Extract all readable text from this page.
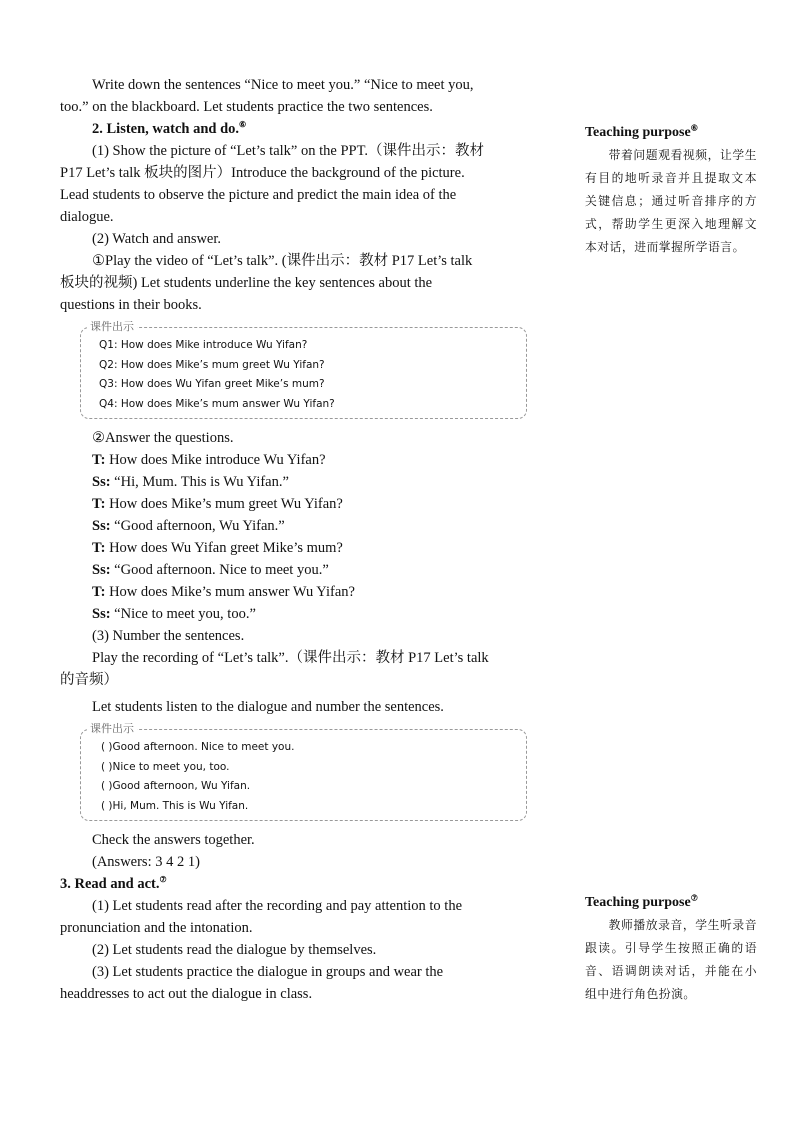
Write down the sentences “Nice to meet you.” “Nice to meet you,
too.” on the blackboard. Let students practice the two sentences.
2. Listen, watch and do.⑥
(1) Show the picture of “Let’s talk” on the PPT.（课件出示：教材
P17 Let’s talk 板块的图片）Introduce the background of the picture.
Lead students to observe the picture and predict the main idea of the
dialogue.
(2) Watch and answer.
①Play the video of “Let’s talk”. (课件出示：教材 P17 Let’s talk
板块的视频) Let students underline the key sentences about the
questions in their books.
课件出示
Q1: How does Mike introduce Wu Yifan?
Q2: How does Mike’s mum greet Wu Yifan?
Q3: How does Wu Yifan greet Mike’s mum?
Q4: How does Mike’s mum answer Wu Yifan?
②Answer the questions.
T: How does Mike introduce Wu Yifan?
Ss: “Hi, Mum. This is Wu Yifan.”
T: How does Mike’s mum greet Wu Yifan?
Ss: “Good afternoon, Wu Yifan.”
T: How does Wu Yifan greet Mike’s mum?
Ss: “Good afternoon. Nice to meet you.”
T: How does Mike’s mum answer Wu Yifan?
Ss: “Nice to meet you, too.”
(3) Number the sentences.
Play the recording of “Let’s talk”.（课件出示：教材 P17 Let’s talk
的音频）
Let students listen to the dialogue and number the sentences.
课件出示
( )Good afternoon. Nice to meet you.
( )Nice to meet you, too.
( )Good afternoon, Wu Yifan.
( )Hi, Mum. This is Wu Yifan.
Check the answers together.
(Answers: 3 4 2 1)
3. Read and act.⑦
(1) Let students read after the recording and pay attention to the
pronunciation and the intonation.
(2) Let students read the dialogue by themselves.
(3) Let students practice the dialogue in groups and wear the
headdresses to act out the dialogue in class.
Teaching purpose⑥
带着问题观看视频，让学生有目的地听录音并且提取文本关键信息；通过听音排序的方式，帮助学生更深入地理解文本对话，进而掌握所学语言。
Teaching purpose⑦
教师播放录音，学生听录音跟读。引导学生按照正确的语音、语调朗读对话，并能在小组中进行角色扮演。
